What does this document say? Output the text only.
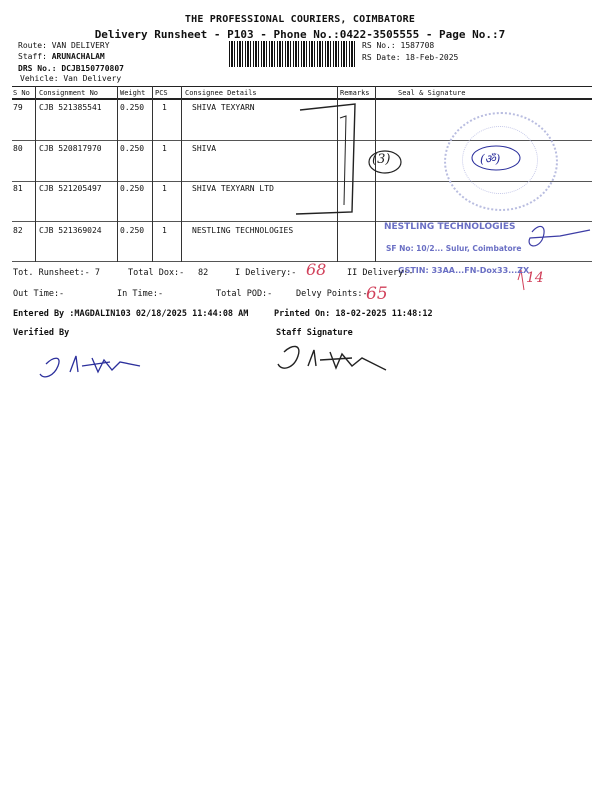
THE PROFESSIONAL COURIERS, COIMBATORE
Delivery Runsheet - P103 - Phone No.:0422-3505555 - Page No.:7
Route: VAN DELIVERY
Staff: ARUNACHALAM
DRS No.: DCJB150770807
Vehicle: Van Delivery
RS No.: 1587708
RS Date: 18-Feb-2025
S No Consignment No	Weight PCS Consignee Details	Remarks	Seal & Signature
79 CJB 521385541 0.250 1	SHIVA TEXYARN
80 CJB 520817970 0.250 1	SHIVA
81 CJB 521205497 0.250 1	SHIVA TEXYARN LTD
82 CJB 521369024 0.250 1	NESTLING TECHNOLOGIES
(3)	(ॐ)
NESTLING TECHNOLOGIES
SF No: 10/2... Sulur, Coimbatore
GSTIN: 33AA...FN-Dox33...ZX
Tot. Runsheet:- 7	Total Dox:- 82	I Delivery:- 68 II Delivery:-	14
Out Time:-	In Time:-	Total POD:-	Delvy Points:-
65
Entered By :MAGDALIN103 02/18/2025 11:44:08 AM	Printed On: 18-02-2025 11:48:12
Verified By	Staff Signature
